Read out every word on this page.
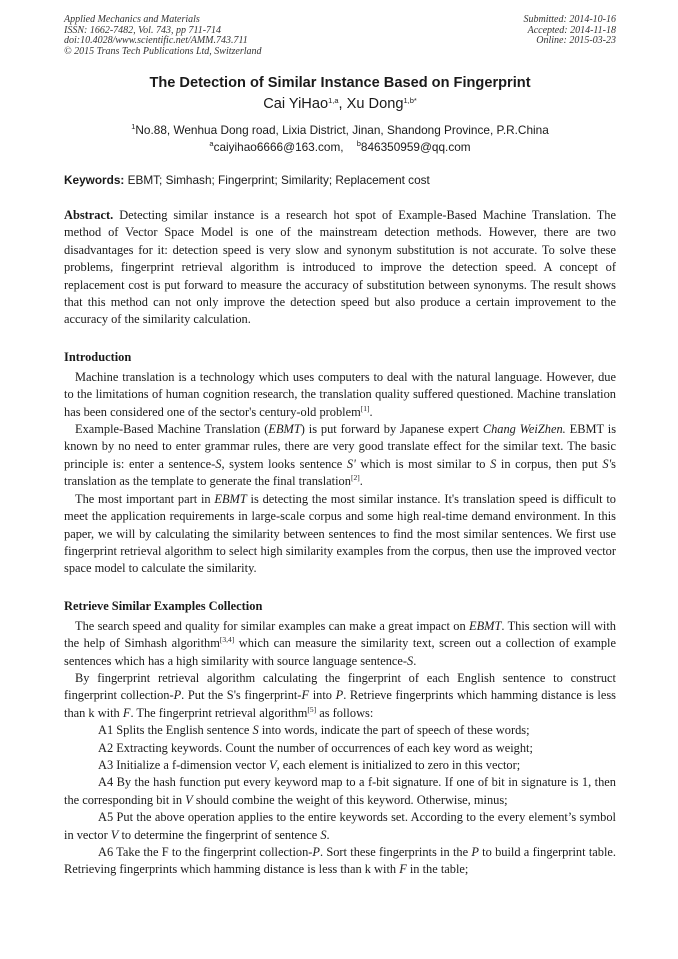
Applied Mechanics and Materials
ISSN: 1662-7482, Vol. 743, pp 711-714
doi:10.4028/www.scientific.net/AMM.743.711
© 2015 Trans Tech Publications Ltd, Switzerland
Submitted: 2014-10-16
Accepted: 2014-11-18
Online: 2015-03-23
The Detection of Similar Instance Based on Fingerprint
Cai YiHao$^{1,a}$, Xu Dong$^{1,b*}$
$^1$No.88, Wenhua Dong road, Lixia District, Jinan, Shandong Province, P.R.China
$^a$caiyihao6666@163.com, $^b$846350959@qq.com
Keywords: EBMT; Simhash; Fingerprint; Similarity; Replacement cost

Abstract. Detecting similar instance is a research hot spot of Example-Based Machine Translation. The method of Vector Space Model is one of the mainstream detection methods. However, there are two disadvantages for it: detection speed is very slow and synonym substitution is not accurate. To solve these problems, fingerprint retrieval algorithm is introduced to improve the detection speed. A concept of replacement cost is put forward to measure the accuracy of substitution between synonyms. The result shows that this method can not only improve the detection speed but also produce a certain improvement to the accuracy of the similarity calculation.

Introduction

Machine translation is a technology which uses computers to deal with the natural language. However, due to the limitations of human cognition research, the translation quality suffered questioned. Machine translation has been considered one of the sector's century-old problem[1].

Example-Based Machine Translation (EBMT) is put forward by Japanese expert Chang WeiZhen. EBMT is known by no need to enter grammar rules, there are very good translate effect for the similar text. The basic principle is: enter a sentence-S, system looks sentence S' which is most similar to S in corpus, then put S's translation as the template to generate the final translation[2].

The most important part in EBMT is detecting the most similar instance. It's translation speed is difficult to meet the application requirements in large-scale corpus and some high real-time demand environment. In this paper, we will by calculating the similarity between sentences to find the most similar sentences. We first use fingerprint retrieval algorithm to select high similarity examples from the corpus, then use the improved vector space model to calculate the similarity.

Retrieve Similar Examples Collection

The search speed and quality for similar examples can make a great impact on EBMT. This section will with the help of Simhash algorithm[3,4] which can measure the similarity text, screen out a collection of example sentences which has a high similarity with source language sentence-S.

By fingerprint retrieval algorithm calculating the fingerprint of each English sentence to construct fingerprint collection-P. Put the S's fingerprint-F into P. Retrieve fingerprints which hamming distance is less than k with F. The fingerprint retrieval algorithm[5] as follows:

A1 Splits the English sentence S into words, indicate the part of speech of these words;

A2 Extracting keywords. Count the number of occurrences of each key word as weight;

A3 Initialize a f-dimension vector V, each element is initialized to zero in this vector;

A4 By the hash function put every keyword map to a f-bit signature. If one of bit in signature is 1, then the corresponding bit in V should combine the weight of this keyword. Otherwise, minus;

A5 Put the above operation applies to the entire keywords set. According to the every element’s symbol in vector V to determine the fingerprint of sentence S.

A6 Take the F to the fingerprint collection-P. Sort these fingerprints in the P to build a fingerprint table. Retrieving fingerprints which hamming distance is less than k with F in the table;
